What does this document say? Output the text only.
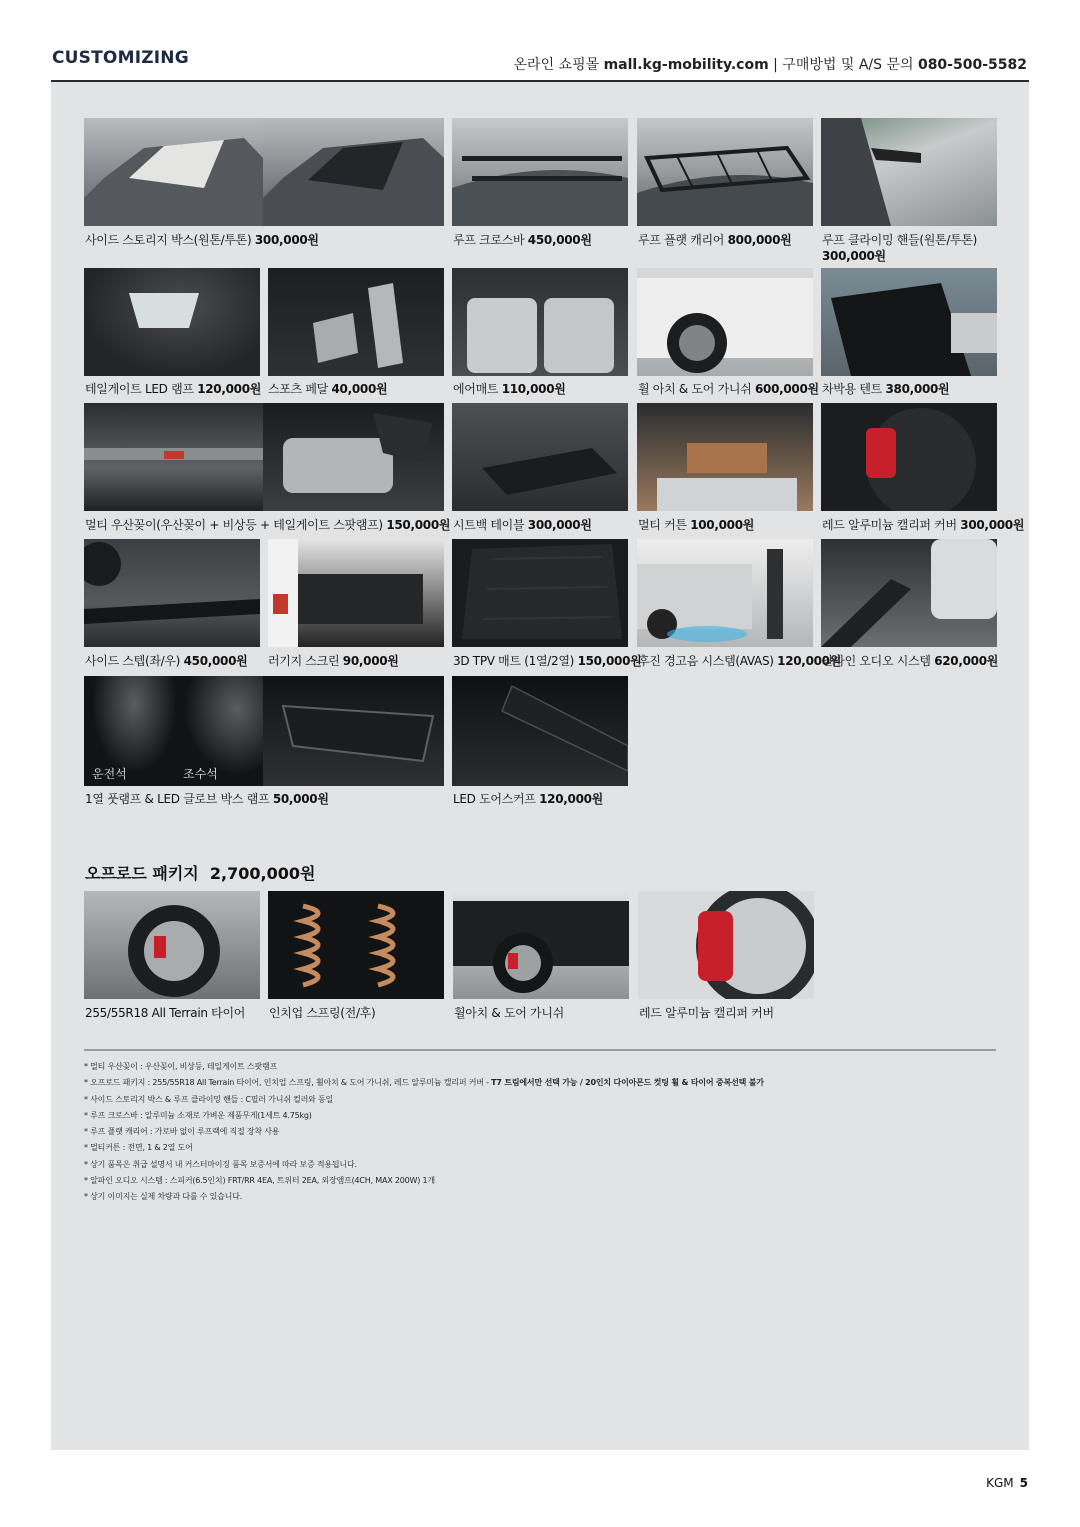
CUSTOMIZING	온라인 쇼핑몰 mall.kg-mobility.com | 구매방법 및 A/S 문의 080-500-5582
사이드 스토리지 박스(원톤/투톤) 300,000원	루프 크로스바 450,000원	루프 플랫 캐리어 800,000원	루프 클라이밍 핸들(원톤/투톤)
300,000원
테일게이트 LED 램프 120,000원 스포츠 페달 40,000원	에어매트 110,000원	휠 아치 & 도어 가니쉬 600,000원 차박용 텐트 380,000원
멀티 우산꽂이(우산꽂이 + 비상등 + 테일게이트 스팟램프) 150,000원 시트백 테이블 300,000원	멀티 커튼 100,000원	레드 알루미늄 캘리퍼 커버 300,000원
사이드 스텝(좌/우) 450,000원 러기지 스크린 90,000원	3D TPV 매트 (1열/2열) 150,000원
후진 경고음 시스템(AVAS) 120,000원
알파인 오디오 시스템 620,000원
운전석	조수석
1열 풋램프 & LED 글로브 박스 램프 50,000원	LED 도어스커프 120,000원
오프로드 패키지 2,700,000원
255/55R18 All Terrain 타이어 인치업 스프링(전/후)	휠아치 & 도어 가니쉬	레드 알루미늄 캘리퍼 커버
* 멀티 우산꽂이 : 우산꽂이, 비상등, 테일게이트 스팟램프
* 오프로드 패키지 : 255/55R18 All Terrain 타이어, 인치업 스프링, 휠아치 & 도어 가니쉬, 레드 알루미늄 캘리퍼 커버 - T7 트림에서만 선택 가능 / 20인치 다이아몬드 컷팅 휠 & 타이어 중복선택 불가
* 사이드 스토리지 박스 & 루프 클라이밍 핸들 : C필러 가니쉬 컬러와 동일
* 루프 크로스바 : 알루미늄 소재로 가벼운 제품무게(1세트 4.75kg)
* 루프 플랫 캐리어 : 가로바 없이 루프랙에 직접 장착 사용
* 멀티커튼 : 전면, 1 & 2열 도어
* 상기 품목은 취급 설명서 내 커스터마이징 품목 보증서에 따라 보증 적용됩니다.
* 알파인 오디오 시스템 : 스피커(6.5인치) FRT/RR 4EA, 트위터 2EA, 외장앰프(4CH, MAX 200W) 1개
* 상기 이미지는 실제 차량과 다를 수 있습니다.
KGM 5
